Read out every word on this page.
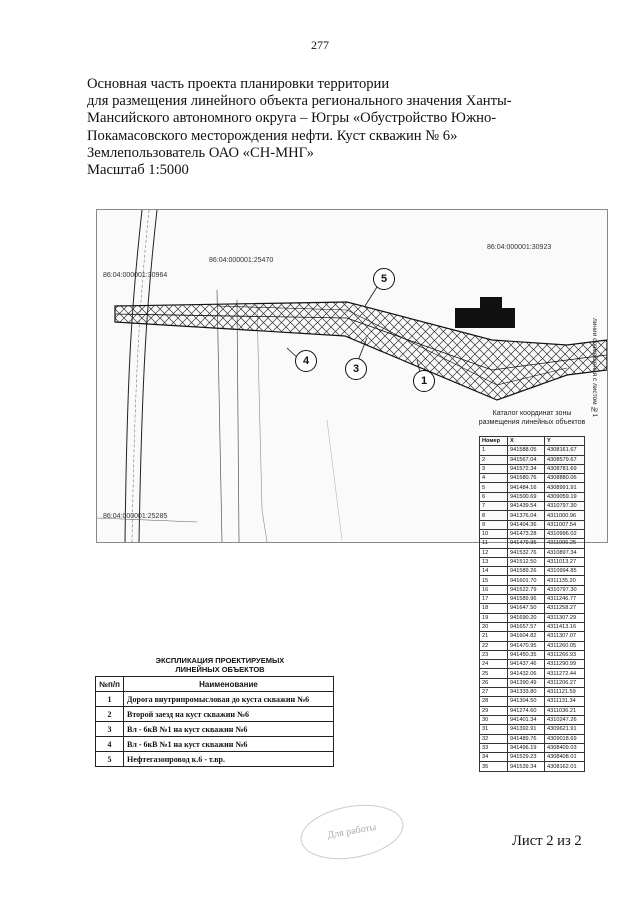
277
Основная часть проекта планировки территории
для размещения линейного объекта регионального значения Ханты-
Мансийского автономного округа – Югры «Обустройство Южно-
Покамасовского месторождения нефти. Куст скважин № 6»
Землепользователь ОАО «СН-МНГ»
Масштаб 1:5000
86:04:000001:25470
86:04:000001:30923
86:04:000001:30964
86:04:000001:25285
5
4
3
1	линии совмещения с листом №1
Каталог координат зоны размещения линейных объектов
Номер	X	Y
1	941588.05	4308161.67
2	941567.04	4308579.67
3	941572.34	4308781.69
4	941580.76	4308880.06
5	941484.16	4308991.91
6	941500.69	4309059.19
7	941439.54	4310797.30
8	941376.04	4311000.96
9	941404.36	4311007.54
10	941473.28	4310996.02
11	941479.95	4311006.25
12	941532.76	4310897.34
13	941512.50	4311013.27
14	941589.26	4310994.85
15	941601.70	4311135.20
16	941522.79	4310797.30
17	941589.96	4311246.77
18	941647.50	4311258.27
19	941690.20	4311307.29
20	941657.57	4311413.16
21	941604.82	4311307.07
22	941470.95	4311260.05
23	941450.35	4311266.93
24	941437.46	4311290.99
25	941432.06	4311272.44
26	941390.49	4311206.27
27	941333.80	4311121.59
28	941304.50	4311131.34
29	941274.60	4311036.21
30	941401.34	4310247.26
31	941392.91	4309621.91
32	941489.76	4309018.69
33	941496.19	4308409.03
34	941529.23	4308408.01
35	941539.34	4308162.01
ЭКСПЛИКАЦИЯ ПРОЕКТИРУЕМЫХ ЛИНЕЙНЫХ ОБЪЕКТОВ
№п/п	Наименование
1	Дорога внутрипромысловая до куста скважин №6
2	Второй заезд на куст скважин №6
3	Вл - 6кВ №1 на куст скважин №6
4	Вл - 6кВ №1 на куст скважин №6
5	Нефтегазопровод к.6 - т.вр.
Для работы	Лист 2 из 2
